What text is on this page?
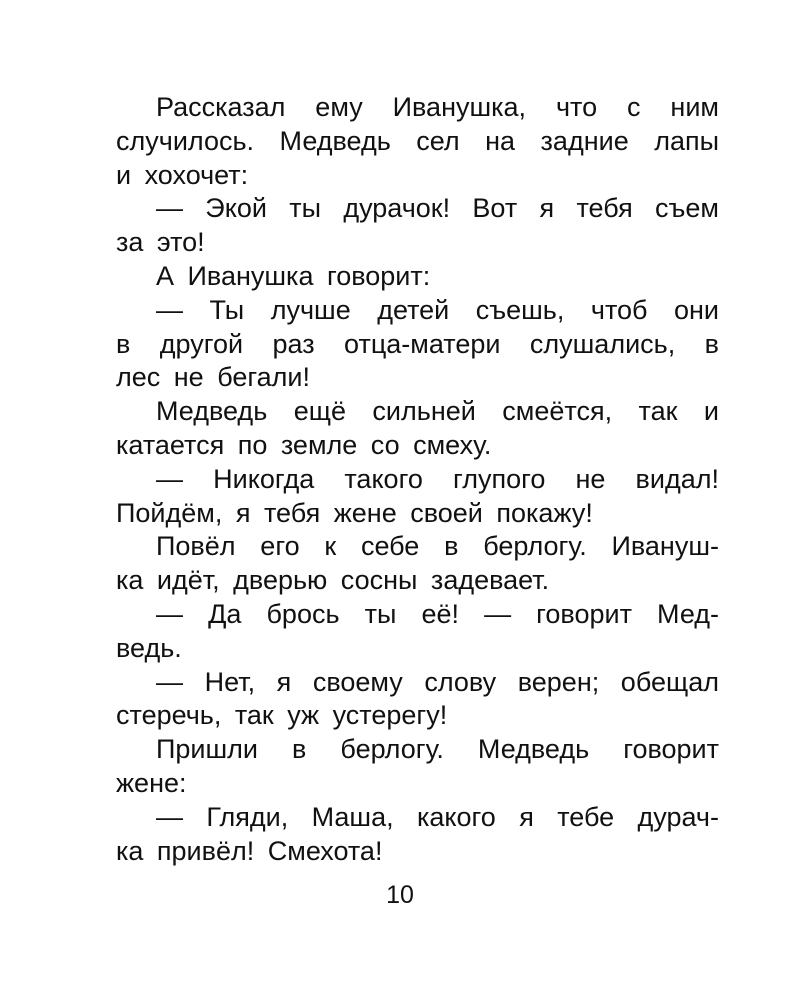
Рассказал ему Иванушка, что с ним
случилось. Медведь сел на задние лапы
и хохочет:
— Экой ты дурачок! Вот я тебя съем
за это!
А Иванушка говорит:
— Ты лучше детей съешь, чтоб они
в другой раз отца-матери слушались, в
лес не бегали!
Медведь ещё сильней смеётся, так и
катается по земле со смеху.
— Никогда такого глупого не видал!
Пойдём, я тебя жене своей покажу!
Повёл его к себе в берлогу. Ивануш-
ка идёт, дверью сосны задевает.
— Да брось ты её! — говорит Мед-
ведь.
— Нет, я своему слову верен; обещал
стеречь, так уж устерегу!
Пришли в берлогу. Медведь говорит
жене:
— Гляди, Маша, какого я тебе дурач-
ка привёл! Смехота!
10
